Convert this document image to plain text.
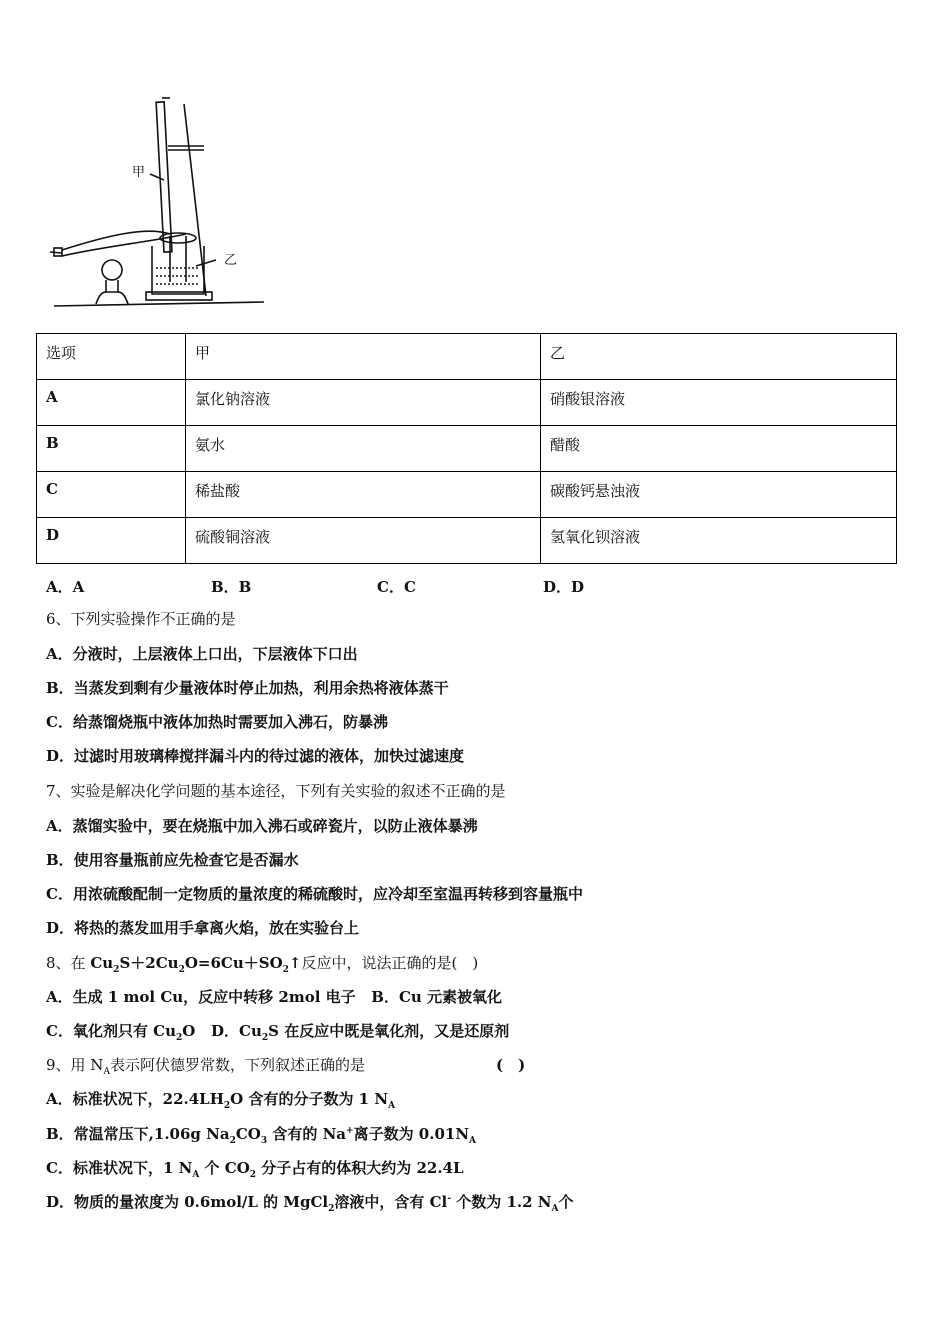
甲
乙
选项	甲	乙
A	氯化钠溶液	硝酸银溶液
B	氨水	醋酸
C	稀盐酸	碳酸钙悬浊液
D	硫酸铜溶液	氢氧化钡溶液
A．A	B．B	C．C	D．D
6、下列实验操作不正确的是
A．分液时，上层液体上口出，下层液体下口出
B．当蒸发到剩有少量液体时停止加热，利用余热将液体蒸干
C．给蒸馏烧瓶中液体加热时需要加入沸石，防暴沸
D．过滤时用玻璃棒搅拌漏斗内的待过滤的液体，加快过滤速度
7、实验是解决化学问题的基本途径，下列有关实验的叙述不正确的是
A．蒸馏实验中，要在烧瓶中加入沸石或碎瓷片，以防止液体暴沸
B．使用容量瓶前应先检查它是否漏水
C．用浓硫酸配制一定物质的量浓度的稀硫酸时，应冷却至室温再转移到容量瓶中
D．将热的蒸发皿用手拿离火焰，放在实验台上
8、在 $Cu_2S+2Cu_2O=6Cu+SO_2↑$反应中，说法正确的是(　)
A．生成 1 mol Cu，反应中转移 2mol 电子 B．Cu 元素被氧化
C．氧化剂只有 $Cu_2O$ D．$Cu_2S$ 在反应中既是氧化剂，又是还原剂
9、用 $N_A$表示阿伏德罗常数，下列叙述正确的是	(　)
A．标准状况下，$22.4LH_2O$ 含有的分子数为 1 $N_A$
B．常温常压下,1.06g $Na_2CO_3$ 含有的 Na+离子数为 $0.01N_A$
C．标准状况下，1 $N_A$ 个 $CO_2$ 分子占有的体积大约为 22.4L
D．物质的量浓度为 0.6mol/L 的 MgCl$_2$溶液中，含有 Cl- 个数为 1.2 $N_A$个
